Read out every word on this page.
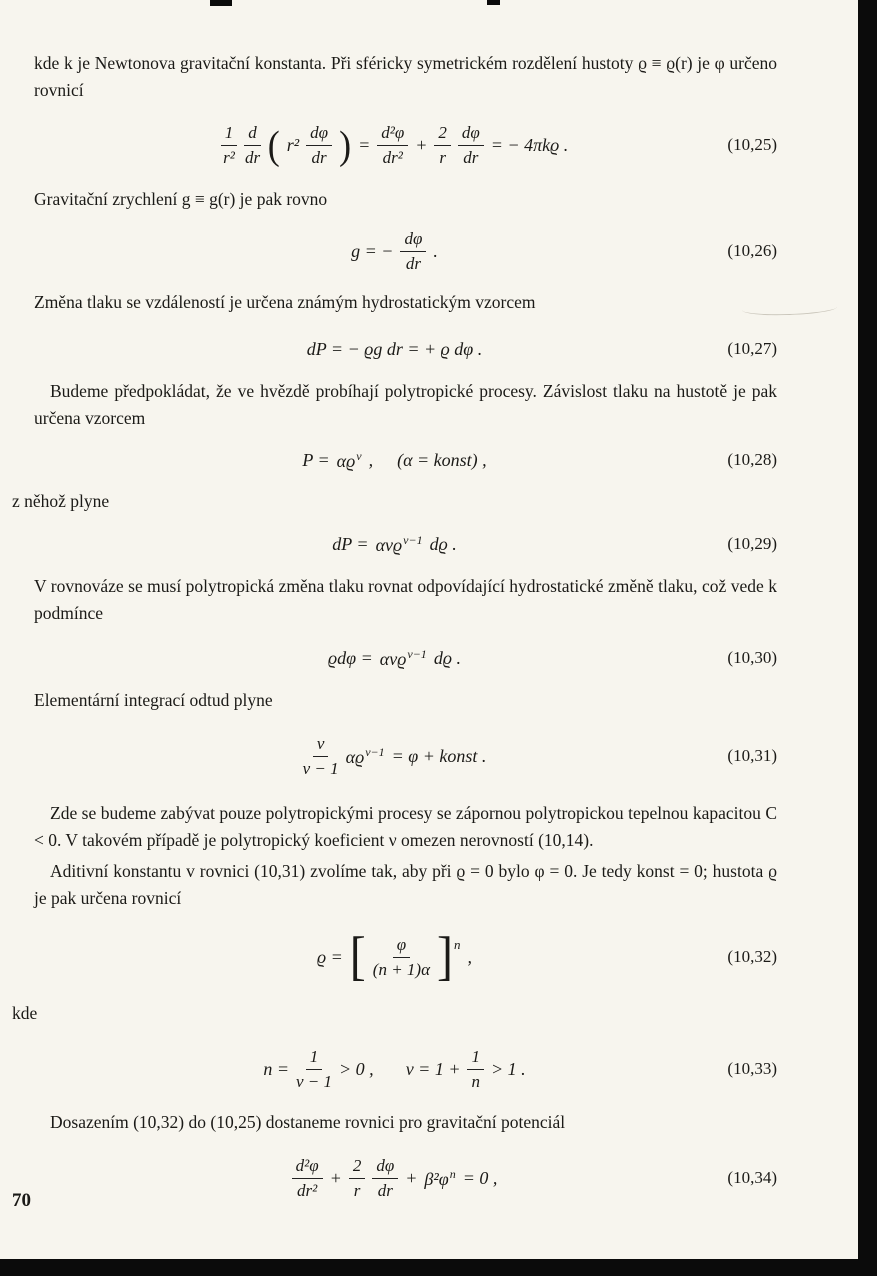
kde k je Newtonova gravitační konstanta. Při sféricky symetrickém rozdělení hustoty ϱ ≡ ϱ(r) je φ určeno rovnicí

$\frac{1}{\text{r²}} \frac{d}{dr}$ ( $r^2 \frac{d\varphi}{dr}$ ) = $\frac{\text{d²φ}}{\text{dr²}} + \frac{2}{r} \frac{d\varphi}{dr}$ = − 4πkϱ .	(10,25)

Gravitační zrychlení g ≡ g(r) je pak rovno

g = − $\frac{d\varphi}{dr}$ .	(10,26)

Změna tlaku se vzdáleností je určena známým hydrostatickým vzorcem

dP = − ϱg dr = + ϱ dφ .	(10,27)

Budeme předpokládat, že ve hvězdě probíhají polytropické procesy. Závislost tlaku na hustotě je pak určena vzorcem

$P = \alpha ϱ^\nu$ , (α = konst) ,	(10,28)

z něhož plyne

dP = ανϱ$^{\nu-1}$ dϱ .	(10,29)

V rovnováze se musí polytropická změna tlaku rovnat odpovídající hydrostatické změně tlaku, což vede k podmínce

ϱdφ = ανϱ$^{\nu-1}$ dϱ .	(10,30)

Elementární integrací odtud plyne

$\frac{\nu}{\nu - 1} \alpha ϱ^{\nu-1} = \varphi$ + konst .	(10,31)

Zde se budeme zabývat pouze polytropickými procesy se zápornou polytropickou tepelnou kapacitou C < 0. V takovém případě je polytropický koeficient ν omezen nerovností (10,14).

Aditivní konstantu v rovnici (10,31) zvolíme tak, aby při ϱ = 0 bylo φ = 0. Je tedy konst = 0; hustota ϱ je pak určena rovnicí

ϱ = [ $\frac{\varphi}{(n + 1)\alpha} ]^n$
,	(10,32)

kde

$n = \frac{1}{\nu - 1} > 0$ , $\nu = 1 + \frac{1}{n} > 1$ .	(10,33)

Dosazením (10,32) do (10,25) dostaneme rovnici pro gravitační potenciál

$\frac{\text{d²φ}}{\text{dr²}} + \frac{2}{r} \frac{d\varphi}{dr} + \beta^2\varphi^n = 0$ ,	(10,34)
70
